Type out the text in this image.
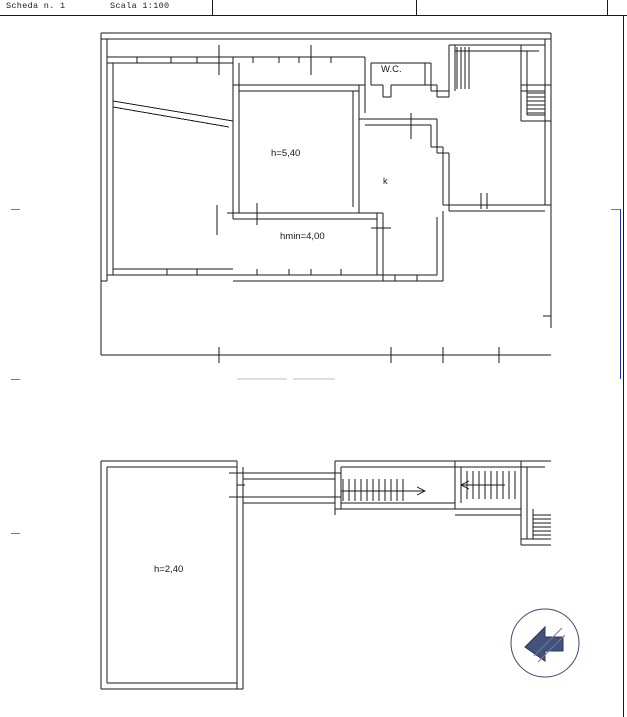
Scheda n. 1	Scala 1:100
W.C.
h=5,40
k
hmin=4,00
h=2,40
